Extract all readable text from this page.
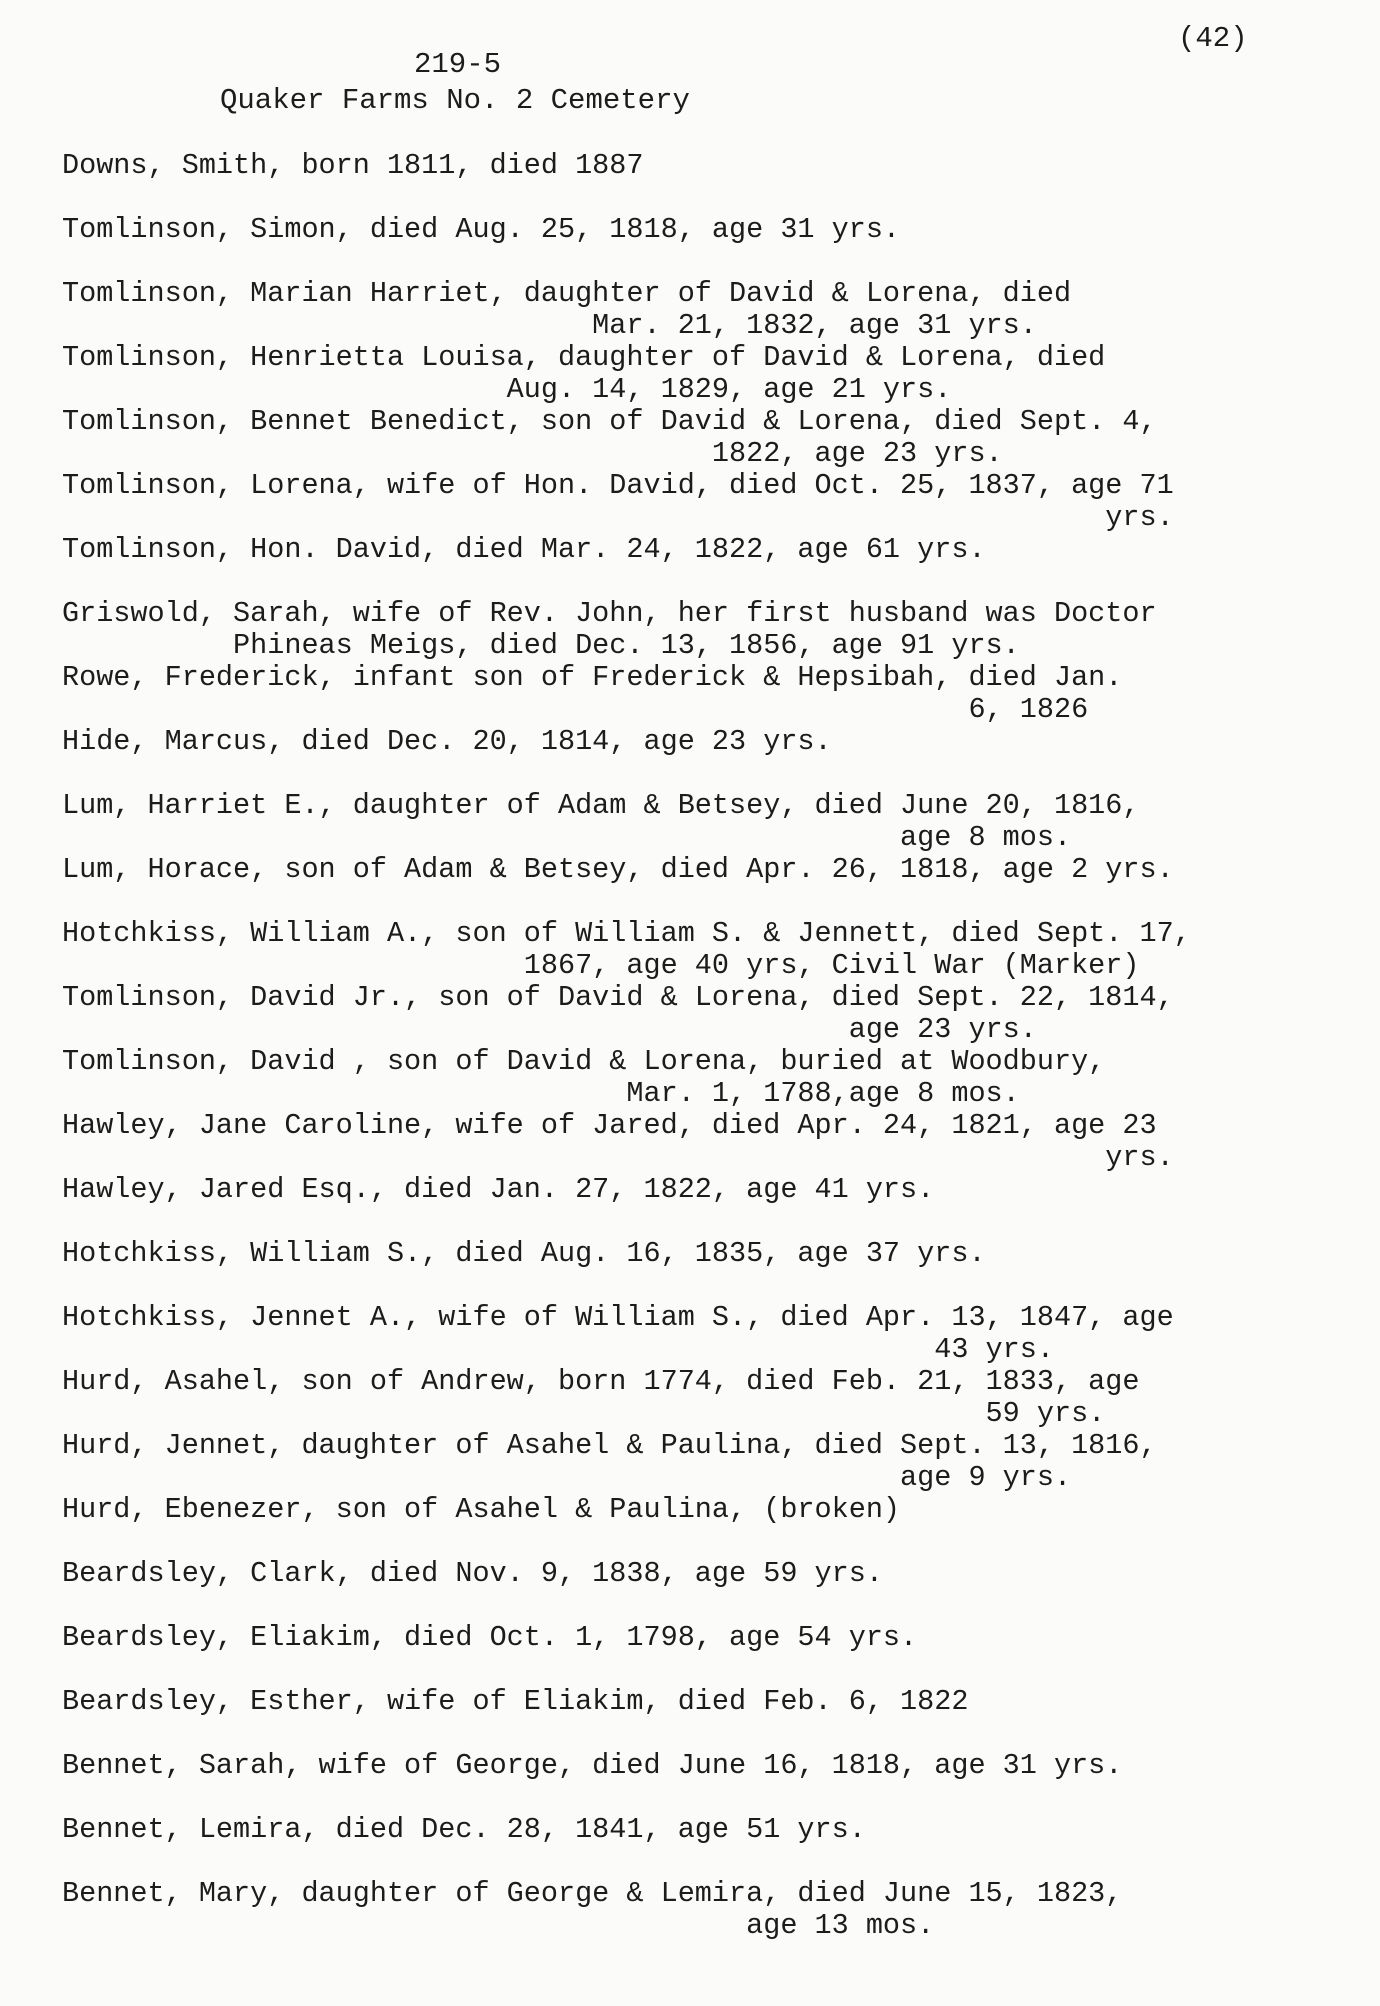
(42)
219-5
Quaker Farms No. 2 Cemetery
Downs, Smith, born 1811, died 1887
Tomlinson, Simon, died Aug. 25, 1818, age 31 yrs.
Tomlinson, Marian Harriet, daughter of David & Lorena, died
Mar. 21, 1832, age 31 yrs.
Tomlinson, Henrietta Louisa, daughter of David & Lorena, died
Aug. 14, 1829, age 21 yrs.
Tomlinson, Bennet Benedict, son of David & Lorena, died Sept. 4,
1822, age 23 yrs.
Tomlinson, Lorena, wife of Hon. David, died Oct. 25, 1837, age 71
yrs.
Tomlinson, Hon. David, died Mar. 24, 1822, age 61 yrs.
Griswold, Sarah, wife of Rev. John, her first husband was Doctor
Phineas Meigs, died Dec. 13, 1856, age 91 yrs.
Rowe, Frederick, infant son of Frederick & Hepsibah, died Jan.
6, 1826
Hide, Marcus, died Dec. 20, 1814, age 23 yrs.
Lum, Harriet E., daughter of Adam & Betsey, died June 20, 1816,
age 8 mos.
Lum, Horace, son of Adam & Betsey, died Apr. 26, 1818, age 2 yrs.
Hotchkiss, William A., son of William S. & Jennett, died Sept. 17,
1867, age 40 yrs, Civil War (Marker)
Tomlinson, David Jr., son of David & Lorena, died Sept. 22, 1814,
age 23 yrs.
Tomlinson, David , son of David & Lorena, buried at Woodbury,
Mar. 1, 1788,age 8 mos.
Hawley, Jane Caroline, wife of Jared, died Apr. 24, 1821, age 23
yrs.
Hawley, Jared Esq., died Jan. 27, 1822, age 41 yrs.
Hotchkiss, William S., died Aug. 16, 1835, age 37 yrs.
Hotchkiss, Jennet A., wife of William S., died Apr. 13, 1847, age
43 yrs.
Hurd, Asahel, son of Andrew, born 1774, died Feb. 21, 1833, age
59 yrs.
Hurd, Jennet, daughter of Asahel & Paulina, died Sept. 13, 1816,
age 9 yrs.
Hurd, Ebenezer, son of Asahel & Paulina, (broken)
Beardsley, Clark, died Nov. 9, 1838, age 59 yrs.
Beardsley, Eliakim, died Oct. 1, 1798, age 54 yrs.
Beardsley, Esther, wife of Eliakim, died Feb. 6, 1822
Bennet, Sarah, wife of George, died June 16, 1818, age 31 yrs.
Bennet, Lemira, died Dec. 28, 1841, age 51 yrs.
Bennet, Mary, daughter of George & Lemira, died June 15, 1823,
age 13 mos.
